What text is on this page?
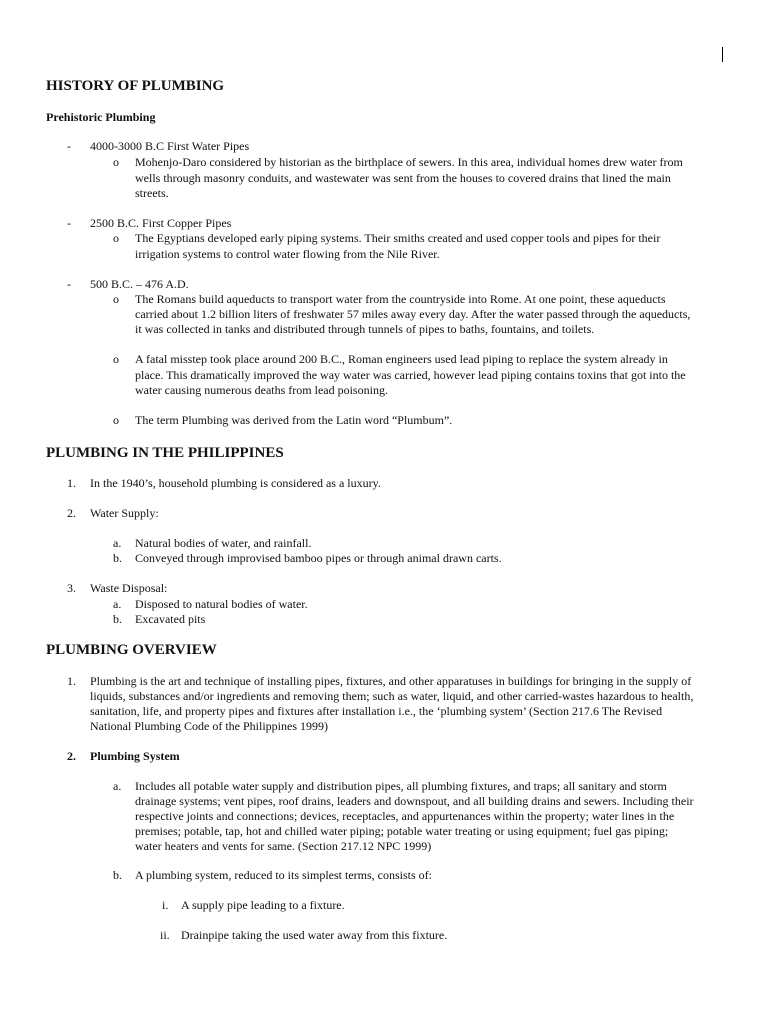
HISTORY OF PLUMBING
Prehistoric Plumbing
- 4000-3000 B.C First Water Pipes
o Mohenjo-Daro considered by historian as the birthplace of sewers. In this area, individual homes drew water from
wells through masonry conduits, and wastewater was sent from the houses to covered drains that lined the main
streets.
- 2500 B.C. First Copper Pipes
o The Egyptians developed early piping systems. Their smiths created and used copper tools and pipes for their
irrigation systems to control water flowing from the Nile River.
- 500 B.C. – 476 A.D.
o The Romans build aqueducts to transport water from the countryside into Rome. At one point, these aqueducts
carried about 1.2 billion liters of freshwater 57 miles away every day. After the water passed through the aqueducts,
it was collected in tanks and distributed through tunnels of pipes to baths, fountains, and toilets.
o A fatal misstep took place around 200 B.C., Roman engineers used lead piping to replace the system already in
place. This dramatically improved the way water was carried, however lead piping contains toxins that got into the
water causing numerous deaths from lead poisoning.
o The term Plumbing was derived from the Latin word “Plumbum”.
PLUMBING IN THE PHILIPPINES
1. In the 1940’s, household plumbing is considered as a luxury.
2. Water Supply:
a. Natural bodies of water, and rainfall.
b. Conveyed through improvised bamboo pipes or through animal drawn carts.
3. Waste Disposal:
a. Disposed to natural bodies of water.
b. Excavated pits
PLUMBING OVERVIEW
1. Plumbing is the art and technique of installing pipes, fixtures, and other apparatuses in buildings for bringing in the supply of
liquids, substances and/or ingredients and removing them; such as water, liquid, and other carried-wastes hazardous to health,
sanitation, life, and property pipes and fixtures after installation i.e., the ‘plumbing system’ (Section 217.6 The Revised
National Plumbing Code of the Philippines 1999)
2. Plumbing System
a. Includes all potable water supply and distribution pipes, all plumbing fixtures, and traps; all sanitary and storm
drainage systems; vent pipes, roof drains, leaders and downspout, and all building drains and sewers. Including their
respective joints and connections; devices, receptacles, and appurtenances within the property; water lines in the
premises; potable, tap, hot and chilled water piping; potable water treating or using equipment; fuel gas piping;
water heaters and vents for same. (Section 217.12 NPC 1999)
b. A plumbing system, reduced to its simplest terms, consists of:
i. A supply pipe leading to a fixture.
ii. Drainpipe taking the used water away from this fixture.
